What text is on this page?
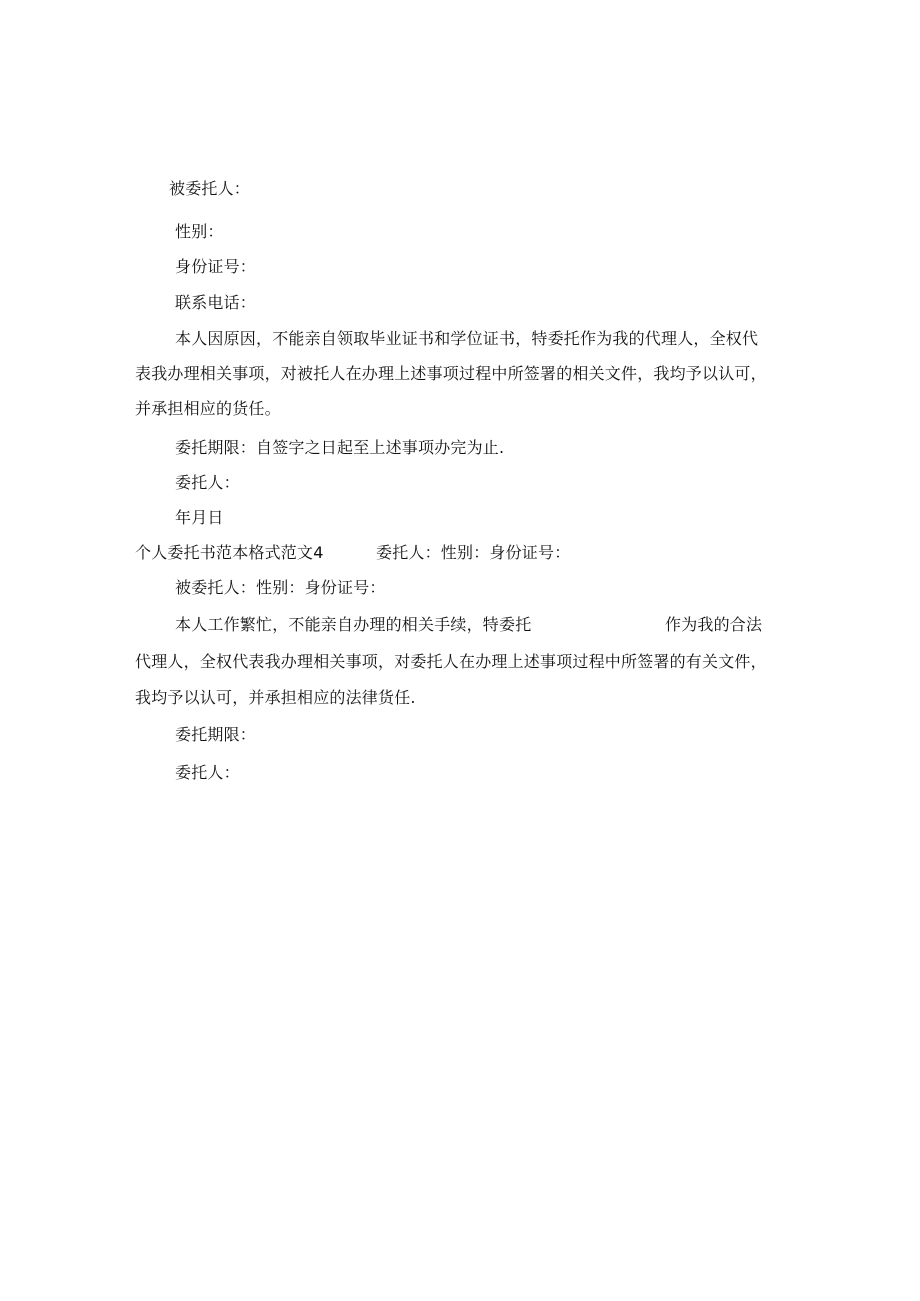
被委托人：
性别：
身份证号：
联系电话：
本人因原因，不能亲自领取毕业证书和学位证书，特委托作为我的代理人，全权代
表我办理相关事项，对被托人在办理上述事项过程中所签署的相关文件，我均予以认可，
并承担相应的货任。
委托期限：自签字之日起至上述事项办完为止.
委托人：
年月日
个人委托书范本格式范文4	委托人：性别：身份证号：
被委托人：性别：身份证号：
本人工作繁忙，不能亲自办理的相关手续，特委托	作为我的合法
代理人，全权代表我办理相关事项，对委托人在办理上述事项过程中所签署的有关文件，
我均予以认可，并承担相应的法律货任.
委托期限：
委托人：
